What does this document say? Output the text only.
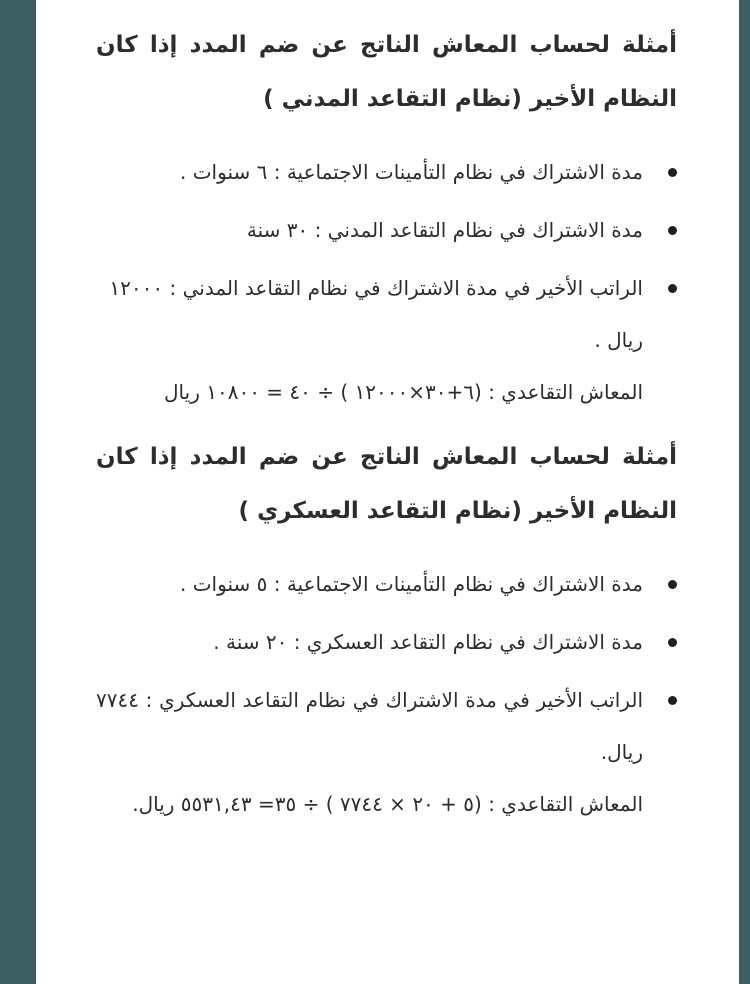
أمثلة لحساب المعاش الناتج عن ضم المدد إذا كان النظام الأخير (نظام التقاعد المدني )

مدة الاشتراك في نظام التأمينات الاجتماعية : ٦ سنوات .
مدة الاشتراك في نظام التقاعد المدني : ٣٠ سنة
الراتب الأخير في مدة الاشتراك في نظام التقاعد المدني : ١٢٠٠٠ ريال .

المعاش التقاعدي : (٦+٣٠×١٢٠٠٠ ) ÷ ٤٠ = ١٠٨٠٠ ريال

أمثلة لحساب المعاش الناتج عن ضم المدد إذا كان النظام الأخير (نظام التقاعد العسكري )

مدة الاشتراك في نظام التأمينات الاجتماعية : ٥ سنوات .
مدة الاشتراك في نظام التقاعد العسكري : ٢٠ سنة .
الراتب الأخير في مدة الاشتراك في نظام التقاعد العسكري : ٧٧٤٤ ريال.

المعاش التقاعدي : (٥ + ٢٠ × ٧٧٤٤ ) ÷ ٣٥= ٥٥٣١,٤٣ ريال.
